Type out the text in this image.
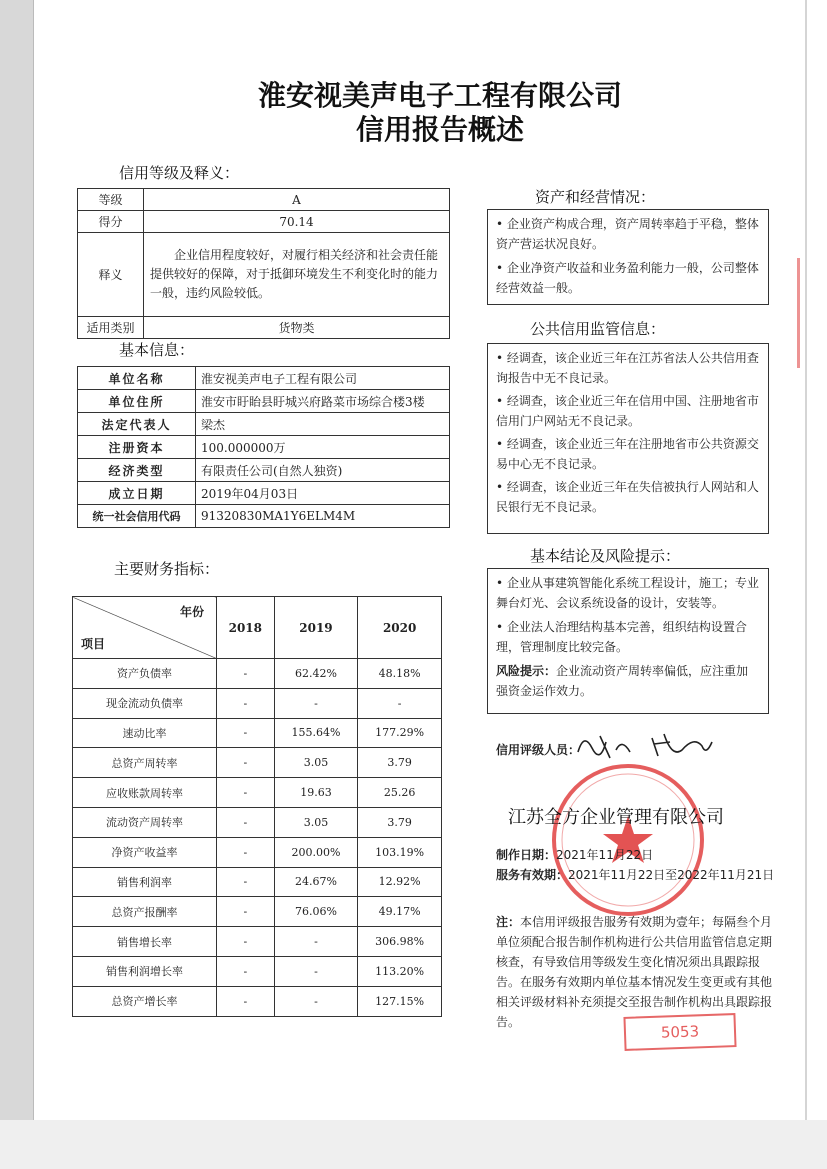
淮安视美声电子工程有限公司
信用报告概述
信用等级及释义：
等级	A
得分	70.14
释义	企业信用程度较好，对履行相关经济和社会责任能提供较好的保障，对于抵御环境发生不利变化时的能力一般，违约风险较低。
适用类别	货物类
基本信息：
单位名称	淮安视美声电子工程有限公司
单位住所	淮安市盱眙县盱城兴府路菜市场综合楼3楼
法定代表人	梁杰
注册资本	100.000000万
经济类型	有限责任公司(自然人独资)
成立日期	2019年04月03日
统一社会信用代码	91320830MA1Y6ELM4M
主要财务指标：
年份
项目	2018	2019	2020
资产负债率	-	62.42%	48.18%
现金流动负债率	-	-	-
速动比率	-	155.64%	177.29%
总资产周转率	-	3.05	3.79
应收账款周转率	-	19.63	25.26
流动资产周转率	-	3.05	3.79
净资产收益率	-	200.00%	103.19%
销售利润率	-	24.67%	12.92%
总资产报酬率	-	76.06%	49.17%
销售增长率	-	-	306.98%
销售利润增长率	-	-	113.20%
总资产增长率	-	-	127.15%
资产和经营情况：
• 企业资产构成合理，资产周转率趋于平稳，整体资产营运状况良好。
• 企业净资产收益和业务盈利能力一般，公司整体经营效益一般。
公共信用监管信息：
• 经调查，该企业近三年在江苏省法人公共信用查询报告中无不良记录。
• 经调查，该企业近三年在信用中国、注册地省市信用门户网站无不良记录。
• 经调查，该企业近三年在注册地省市公共资源交易中心无不良记录。
• 经调查，该企业近三年在失信被执行人网站和人民银行无不良记录。
基本结论及风险提示：
• 企业从事建筑智能化系统工程设计，施工；专业舞台灯光、会议系统设备的设计，安装等。
• 企业法人治理结构基本完善，组织结构设置合理，管理制度比较完备。
风险提示：企业流动资产周转率偏低，应注重加强资金运作效力。
信用评级人员：
江苏全方企业管理有限公司
制作日期：2021年11月22日
服务有效期：2021年11月22日至2022年11月21日
注：本信用评级报告服务有效期为壹年；每隔叁个月单位须配合报告制作机构进行公共信用监管信息定期核查，有导致信用等级发生变化情况须出具跟踪报告。在服务有效期内单位基本情况发生变更或有其他相关评级材料补充须提交至报告制作机构出具跟踪报告。
5053
